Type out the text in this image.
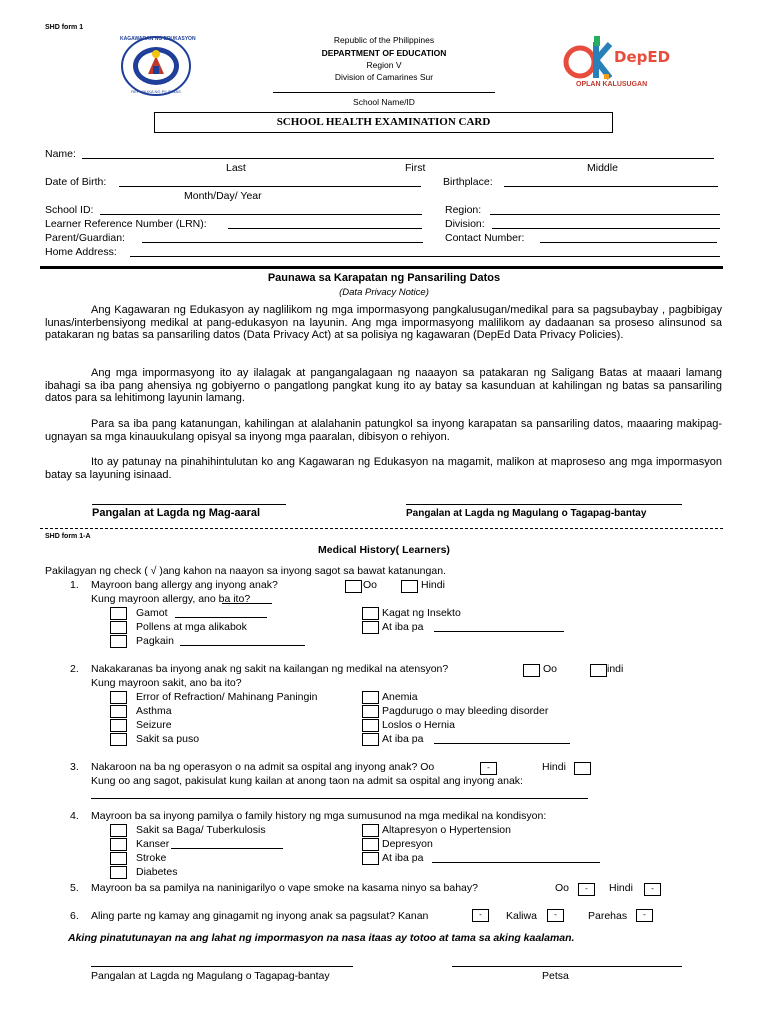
SHD form 1
KAGAWARAN NG EDUKASYON
REPUBLIKA NG PILIPINAS
DepED
OPLAN KALUSUGAN
Republic of the Philippines
DEPARTMENT OF EDUCATION
Region V
Division of Camarines Sur
School Name/ID
SCHOOL HEALTH EXAMINATION CARD
Name:
Last	First	Middle
Date of Birth:	Birthplace:
Month/Day/ Year
School ID:	Region:
Learner Reference Number (LRN):	Division:
Parent/Guardian:	Contact Number:
Home Address:
Paunawa sa Karapatan ng Pansariling Datos
(Data Privacy Notice)
Ang Kagawaran ng Edukasyon ay naglilikom ng mga impormasyong pangkalusugan/medikal para sa pagsubaybay , pagbibigay lunas/interbensiyong medikal at pang-edukasyon na layunin. Ang mga impormasyong malilikom ay dadaanan sa proseso alinsunod sa patakaran ng batas sa pansariling datos (Data Privacy Act) at sa polisiya ng kagawaran (DepEd Data Privacy Policies).
Ang mga impormasyong ito ay ilalagak at pangangalagaan ng naaayon sa patakaran ng Saligang Batas at maaari lamang ibahagi sa iba pang ahensiya ng gobiyerno o pangatlong pangkat kung ito ay batay sa kasunduan at kahilingan ng batas sa pansariling datos para sa lehitimong layunin lamang.
Para sa iba pang katanungan, kahilingan at alalahanin patungkol sa inyong karapatan sa pansariling datos, maaaring makipag-ugnayan sa mga kinauukulang opisyal sa inyong mga paaralan, dibisyon o rehiyon.
Ito ay patunay na pinahihintulutan ko ang Kagawaran ng Edukasyon na magamit, malikon at maproseso ang mga impormasyon batay sa layuning isinaad.
Pangalan at Lagda ng Mag-aaral	Pangalan at Lagda ng Magulang o Tagapag-bantay
SHD form 1-A
Medical History( Learners)
Pakilagyan ng check ( √ )ang kahon na naayon sa inyong sagot sa bawat katanungan.
1. Mayroon bang allergy ang inyong anak?	Oo	Hindi
Kung mayroon allergy, ano ba ito?
Gamot
Pollens at mga alikabok
Pagkain
Kagat ng Insekto
At iba pa
2. Nakakaranas ba inyong anak ng sakit na kailangan ng medikal na atensyon?	Oo	indi
Kung mayroon sakit, ano ba ito?
Error of Refraction/ Mahinang Paningin
Asthma
Seizure
Sakit sa puso
Anemia
Pagdurugo o may bleeding disorder
Loslos o Hernia
At iba pa
3. Nakaroon na ba ng operasyon o na admit sa ospital ang inyong anak? Oo	-	Hindi
Kung oo ang sagot, pakisulat kung kailan at anong taon na admit sa ospital ang inyong anak:
4. Mayroon ba sa inyong pamilya o family history ng mga sumusunod na mga medikal na kondisyon:
Sakit sa Baga/ Tuberkulosis
Kanser
Stroke
Diabetes
Altapresyon o Hypertension
Depresyon
At iba pa
5. Mayroon ba sa pamilya na naninigarilyo o vape smoke na kasama ninyo sa bahay?	Oo	-	Hindi	-
6. Aling parte ng kamay ang ginagamit ng inyong anak sa pagsulat? Kanan	-	Kaliwa	-	Parehas	-
Aking pinatutunayan na ang lahat ng impormasyon na nasa itaas ay totoo at tama sa aking kaalaman.
Pangalan at Lagda ng Magulang o Tagapag-bantay	Petsa
